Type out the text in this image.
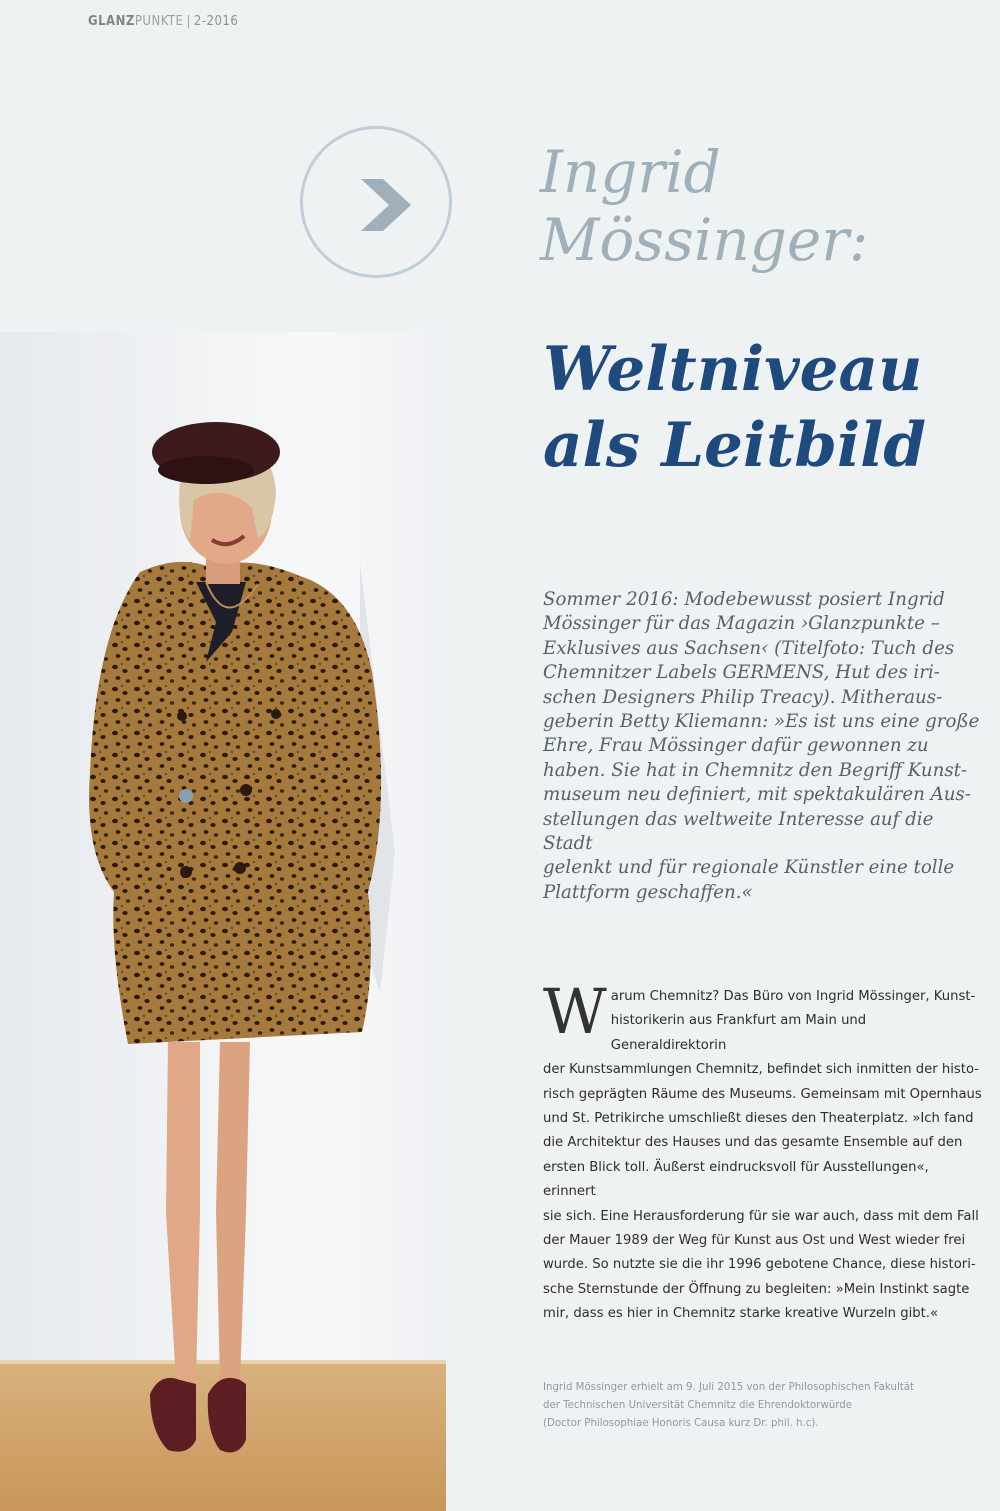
GLANZPUNKTE | 2-2016
Ingrid
Mössinger:
Weltniveau
als Leitbild
Sommer 2016: Modebewusst posiert Ingrid
Mössinger für das Magazin ›Glanzpunkte –
Exklusives aus Sachsen‹ (Titelfoto: Tuch des
Chemnitzer Labels GERMENS, Hut des iri-
schen Designers Philip Treacy). Mitheraus-
geberin Betty Kliemann: »Es ist uns eine große
Ehre, Frau Mössinger dafür gewonnen zu
haben. Sie hat in Chemnitz den Begriff Kunst-
museum neu definiert, mit spektakulären Aus-
stellungen das weltweite Interesse auf die Stadt
gelenkt und für regionale Künstler eine tolle
Plattform geschaffen.«
Warum Chemnitz? Das Büro von Ingrid Mössinger, Kunst-
historikerin aus Frankfurt am Main und Generaldirektorin
der Kunstsammlungen Chemnitz, befindet sich inmitten der histo-
risch geprägten Räume des Museums. Gemeinsam mit Opernhaus
und St. Petrikirche umschließt dieses den Theaterplatz. »Ich fand
die Architektur des Hauses und das gesamte Ensemble auf den
ersten Blick toll. Äußerst eindrucksvoll für Ausstellungen«, erinnert
sie sich. Eine Herausforderung für sie war auch, dass mit dem Fall
der Mauer 1989 der Weg für Kunst aus Ost und West wieder frei
wurde. So nutzte sie die ihr 1996 gebotene Chance, diese histori-
sche Sternstunde der Öffnung zu begleiten: »Mein Instinkt sagte
mir, dass es hier in Chemnitz starke kreative Wurzeln gibt.«
Ingrid Mössinger erhielt am 9. Juli 2015 von der Philosophischen Fakultät
der Technischen Universität Chemnitz die Ehrendoktorwürde
(Doctor Philosophiae Honoris Causa kurz Dr. phil. h.c).
